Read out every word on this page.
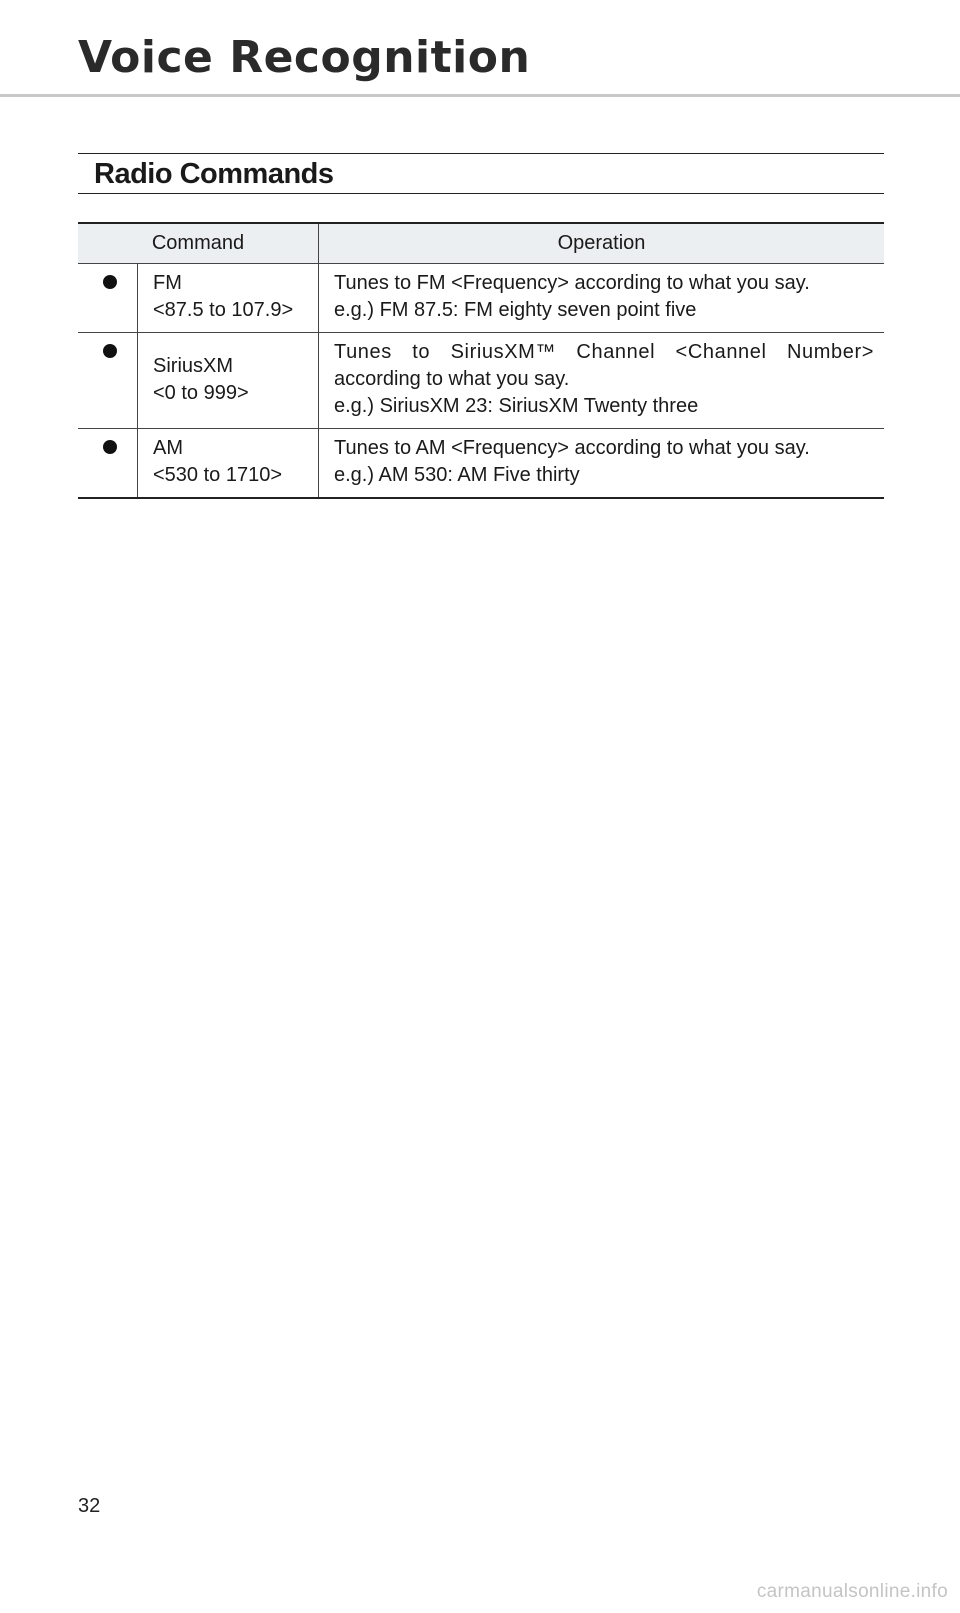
Voice Recognition
Radio Commands
Command		Operation

	FM
<87.5 to 107.9>	Tunes to FM <Frequency> according to what you say.
e.g.) FM 87.5: FM eighty seven point five

	SiriusXM
<0 to 999>	Tunes to SiriusXM™ Channel <Channel Number>
according to what you say.
e.g.) SiriusXM 23: SiriusXM Twenty three

	AM
<530 to 1710>	Tunes to AM <Frequency> according to what you say.
e.g.) AM 530: AM Five thirty
32
carmanualsonline.info
